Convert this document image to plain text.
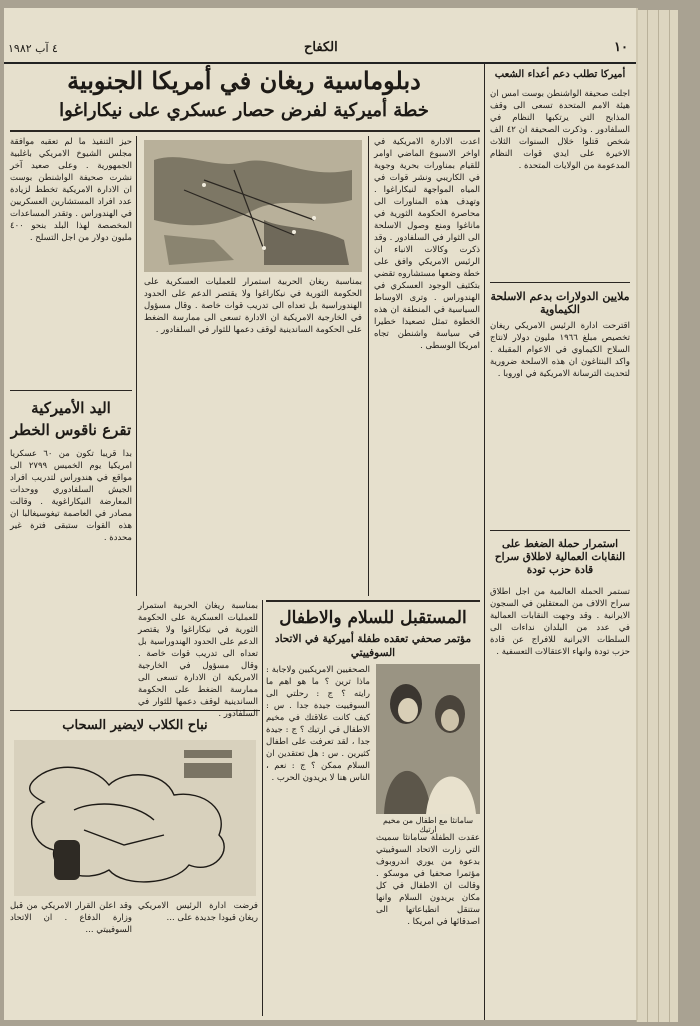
٤ آب ١٩٨٢	الكفاح	١٠
أميركا تطلب دعم أعداء الشعب
اجلت صحيفة الواشنطن بوست امس ان هيئة الامم المتحدة تسعى الى وقف المذابح التي يرتكبها النظام في السلفادور . وذكرت الصحيفة ان ٤٢ الف شخص قتلوا خلال السنوات الثلاث الاخيرة على ايدي قوات النظام المدعومة من الولايات المتحدة .
ملايين الدولارات بدعم الاسلحة الكيماوية
اقترحت ادارة الرئيس الامريكي ريغان تخصيص مبلغ ١٩٦٦ مليون دولار لانتاج السلاح الكيماوي في الاعوام المقبلة . واكد البنتاغون ان هذه الاسلحة ضرورية لتحديث الترسانة الامريكية في اوروبا .
استمرار حملة الضغط على النقابات العمالية لاطلاق سراح قادة حزب تودة
تستمر الحملة العالمية من اجل اطلاق سراح الالاف من المعتقلين في السجون الايرانية . وقد وجهت النقابات العمالية في عدد من البلدان نداءات الى السلطات الايرانية للافراج عن قادة حزب تودة وانهاء الاعتقالات التعسفية .
دبلوماسية ريغان في أمريكا الجنوبية
خطة أميركية لفرض حصار عسكري على نيكاراغوا
اعدت الادارة الامريكية في اواخر الاسبوع الماضي اوامر للقيام بمناورات بحرية وجوية في الكاريبي ونشر قوات في المياه المواجهة لنيكاراغوا . وتهدف هذه المناورات الى محاصرة الحكومة الثورية في ماناغوا ومنع وصول الاسلحة الى الثوار في السلفادور . وقد ذكرت وكالات الانباء ان الرئيس الامريكي وافق على خطة وضعها مستشاروه تقضي بتكثيف الوجود العسكري في الهندوراس . وترى الاوساط السياسية في المنطقة ان هذه الخطوة تمثل تصعيدا خطيرا في سياسة واشنطن تجاه امريكا الوسطى .
بمناسبة ريغان الحربية استمرار للعمليات العسكرية على الحكومة الثورية في نيكاراغوا ولا يقتصر الدعم على الحدود الهندوراسية بل تعداه الى تدريب قوات خاصة . وقال مسؤول في الخارجية الامريكية ان الادارة تسعى الى ممارسة الضغط على الحكومة الساندينية لوقف دعمها للثوار في السلفادور .
حيز التنفيذ ما لم تعقبه موافقة مجلس الشيوخ الامريكي باغلبية الجمهورية . وعلى صعيد آخر نشرت صحيفة الواشنطن بوست ان الادارة الامريكية تخطط لزيادة عدد افراد المستشارين العسكريين في الهندوراس . وتقدر المساعدات المخصصة لهذا البلد بنحو ٤٠٠ مليون دولار من اجل التسلح .
اليد الأميركية
تقرع ناقوس الخطر
بدا قريبا تكون من ٦٠ عسكريا امريكيا يوم الخميس ٢٧٩٩ الى مواقع في هندوراس لتدريب افراد الجيش السلفادوري ووحدات المعارضة النيكاراغوية . وقالت مصادر في العاصمة تيغوسيغالبا ان هذه القوات ستبقى فترة غير محددة .
المستقبل للسلام والاطفال
مؤتمر صحفي تعقده طفلة أميركية في الاتحاد السوفييتي
سامانثا مع اطفال من مخيم ارتيك
الصحفيين الامريكيين ولاجابة : ماذا ترين ؟ ما هو اهم ما رايته ؟ ج : رحلتي الى السوفييت جيدة جدا . س : كيف كانت علاقتك في مخيم الاطفال في ارتيك ؟ ج : جيدة جدا ، لقد تعرفت على اطفال كثيرين . س : هل تعتقدين ان السلام ممكن ؟ ج : نعم ، الناس هنا لا يريدون الحرب .
عقدت الطفلة سامانثا سميث التي زارت الاتحاد السوفييتي بدعوة من يوري اندروبوف مؤتمرا صحفيا في موسكو . وقالت ان الاطفال في كل مكان يريدون السلام وانها ستنقل انطباعاتها الى اصدقائها في امريكا .
بمناسبة ريغان الحربية استمرار للعمليات العسكرية على الحكومة الثورية في نيكاراغوا ولا يقتصر الدعم على الحدود الهندوراسية بل تعداه الى تدريب قوات خاصة . وقال مسؤول في الخارجية الامريكية ان الادارة تسعى الى ممارسة الضغط على الحكومة الساندينية لوقف دعمها للثوار في السلفادور .
نباح الكلاب لايضير السحاب
فرضت ادارة الرئيس الامريكي ريغان قيودا جديدة على ...
وقد اعلن القرار الامريكي من قبل وزارة الدفاع . ان الاتحاد السوفييتي ...
